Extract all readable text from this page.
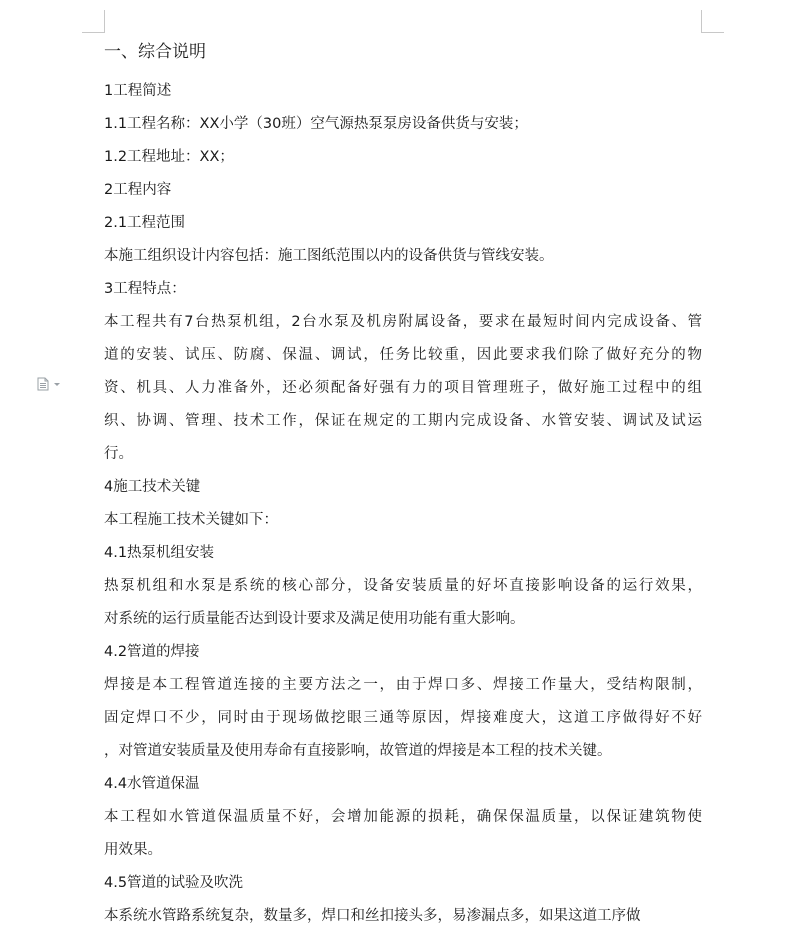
一、综合说明
1工程简述
1.1工程名称：XX小学（30班）空气源热泵泵房设备供货与安装；
1.2工程地址：XX；
2工程内容
2.1工程范围
本施工组织设计内容包括：施工图纸范围以内的设备供货与管线安装。
3工程特点：
本工程共有7台热泵机组，2台水泵及机房附属设备，要求在最短时间内完成设备、管
道的安装、试压、防腐、保温、调试，任务比较重，因此要求我们除了做好充分的物
资、机具、人力准备外，还必须配备好强有力的项目管理班子，做好施工过程中的组
织、协调、管理、技术工作，保证在规定的工期内完成设备、水管安装、调试及试运
行。
4施工技术关键
本工程施工技术关键如下：
4.1热泵机组安装
热泵机组和水泵是系统的核心部分，设备安装质量的好坏直接影响设备的运行效果，
对系统的运行质量能否达到设计要求及满足使用功能有重大影响。
4.2管道的焊接
焊接是本工程管道连接的主要方法之一，由于焊口多、焊接工作量大，受结构限制，
固定焊口不少，同时由于现场做挖眼三通等原因，焊接难度大，这道工序做得好不好
，对管道安装质量及使用寿命有直接影响，故管道的焊接是本工程的技术关键。
4.4水管道保温
本工程如水管道保温质量不好，会增加能源的损耗，确保保温质量，以保证建筑物使
用效果。
4.5管道的试验及吹洗
本系统水管路系统复杂，数量多，焊口和丝扣接头多，易渗漏点多，如果这道工序做
